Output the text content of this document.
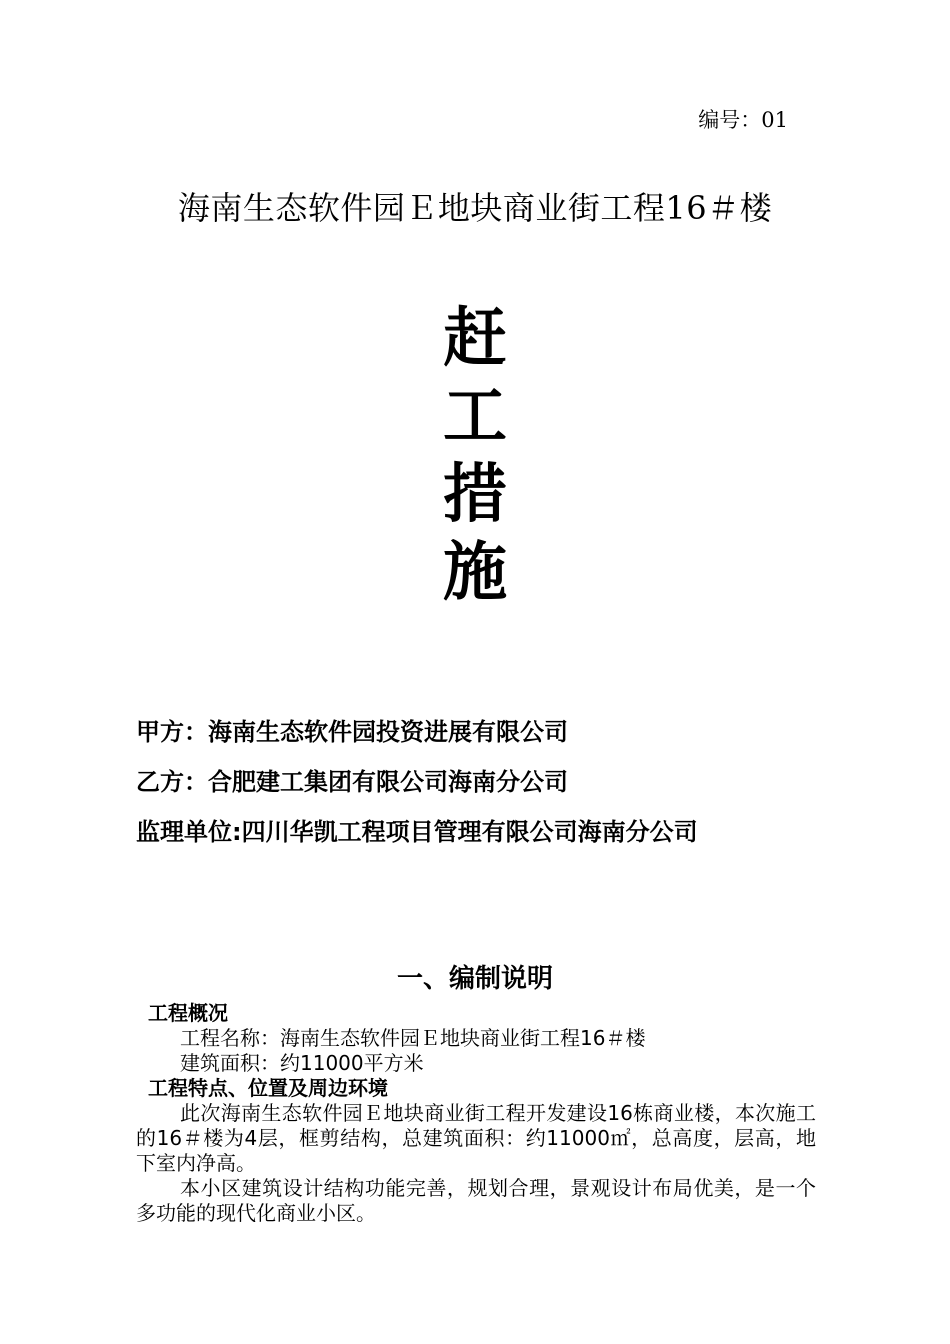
编号：01
海南生态软件园Ｅ地块商业街工程16＃楼
赶
工
措
施
甲方：海南生态软件园投资进展有限公司
乙方：合肥建工集团有限公司海南分公司
监理单位:四川华凯工程项目管理有限公司海南分公司
一、编制说明
工程概况
工程名称：海南生态软件园Ｅ地块商业街工程16＃楼
建筑面积：约11000平方米
工程特点、位置及周边环境
此次海南生态软件园Ｅ地块商业街工程开发建设16栋商业楼，本次施工的16＃楼为4层，框剪结构，总建筑面积：约11000㎡，总高度，层高，地下室内净高。
本小区建筑设计结构功能完善，规划合理，景观设计布局优美，是一个多功能的现代化商业小区。
